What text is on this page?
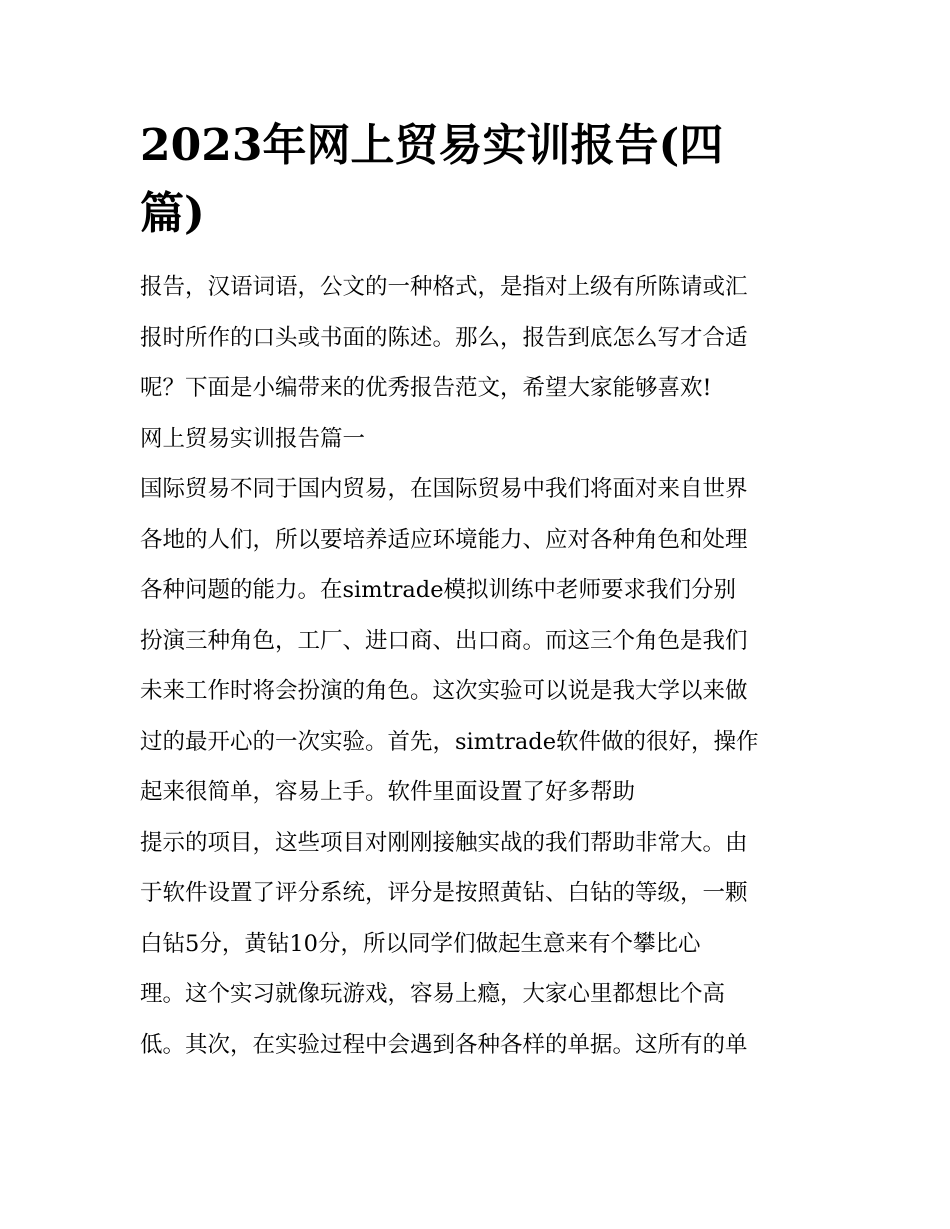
2023年网上贸易实训报告(四
篇)

报告，汉语词语，公文的一种格式，是指对上级有所陈请或汇
报时所作的口头或书面的陈述。那么，报告到底怎么写才合适
呢？下面是小编带来的优秀报告范文，希望大家能够喜欢!

网上贸易实训报告篇一

国际贸易不同于国内贸易，在国际贸易中我们将面对来自世界
各地的人们，所以要培养适应环境能力、应对各种角色和处理
各种问题的能力。在simtrade模拟训练中老师要求我们分别
扮演三种角色，工厂、进口商、出口商。而这三个角色是我们
未来工作时将会扮演的角色。这次实验可以说是我大学以来做
过的最开心的一次实验。首先，simtrade软件做的很好，操作
起来很简单，容易上手。软件里面设置了好多帮助

提示的项目，这些项目对刚刚接触实战的我们帮助非常大。由
于软件设置了评分系统，评分是按照黄钻、白钻的等级，一颗
白钻5分，黄钻10分，所以同学们做起生意来有个攀比心

理。这个实习就像玩游戏，容易上瘾，大家心里都想比个高
低。其次，在实验过程中会遇到各种各样的单据。这所有的单
